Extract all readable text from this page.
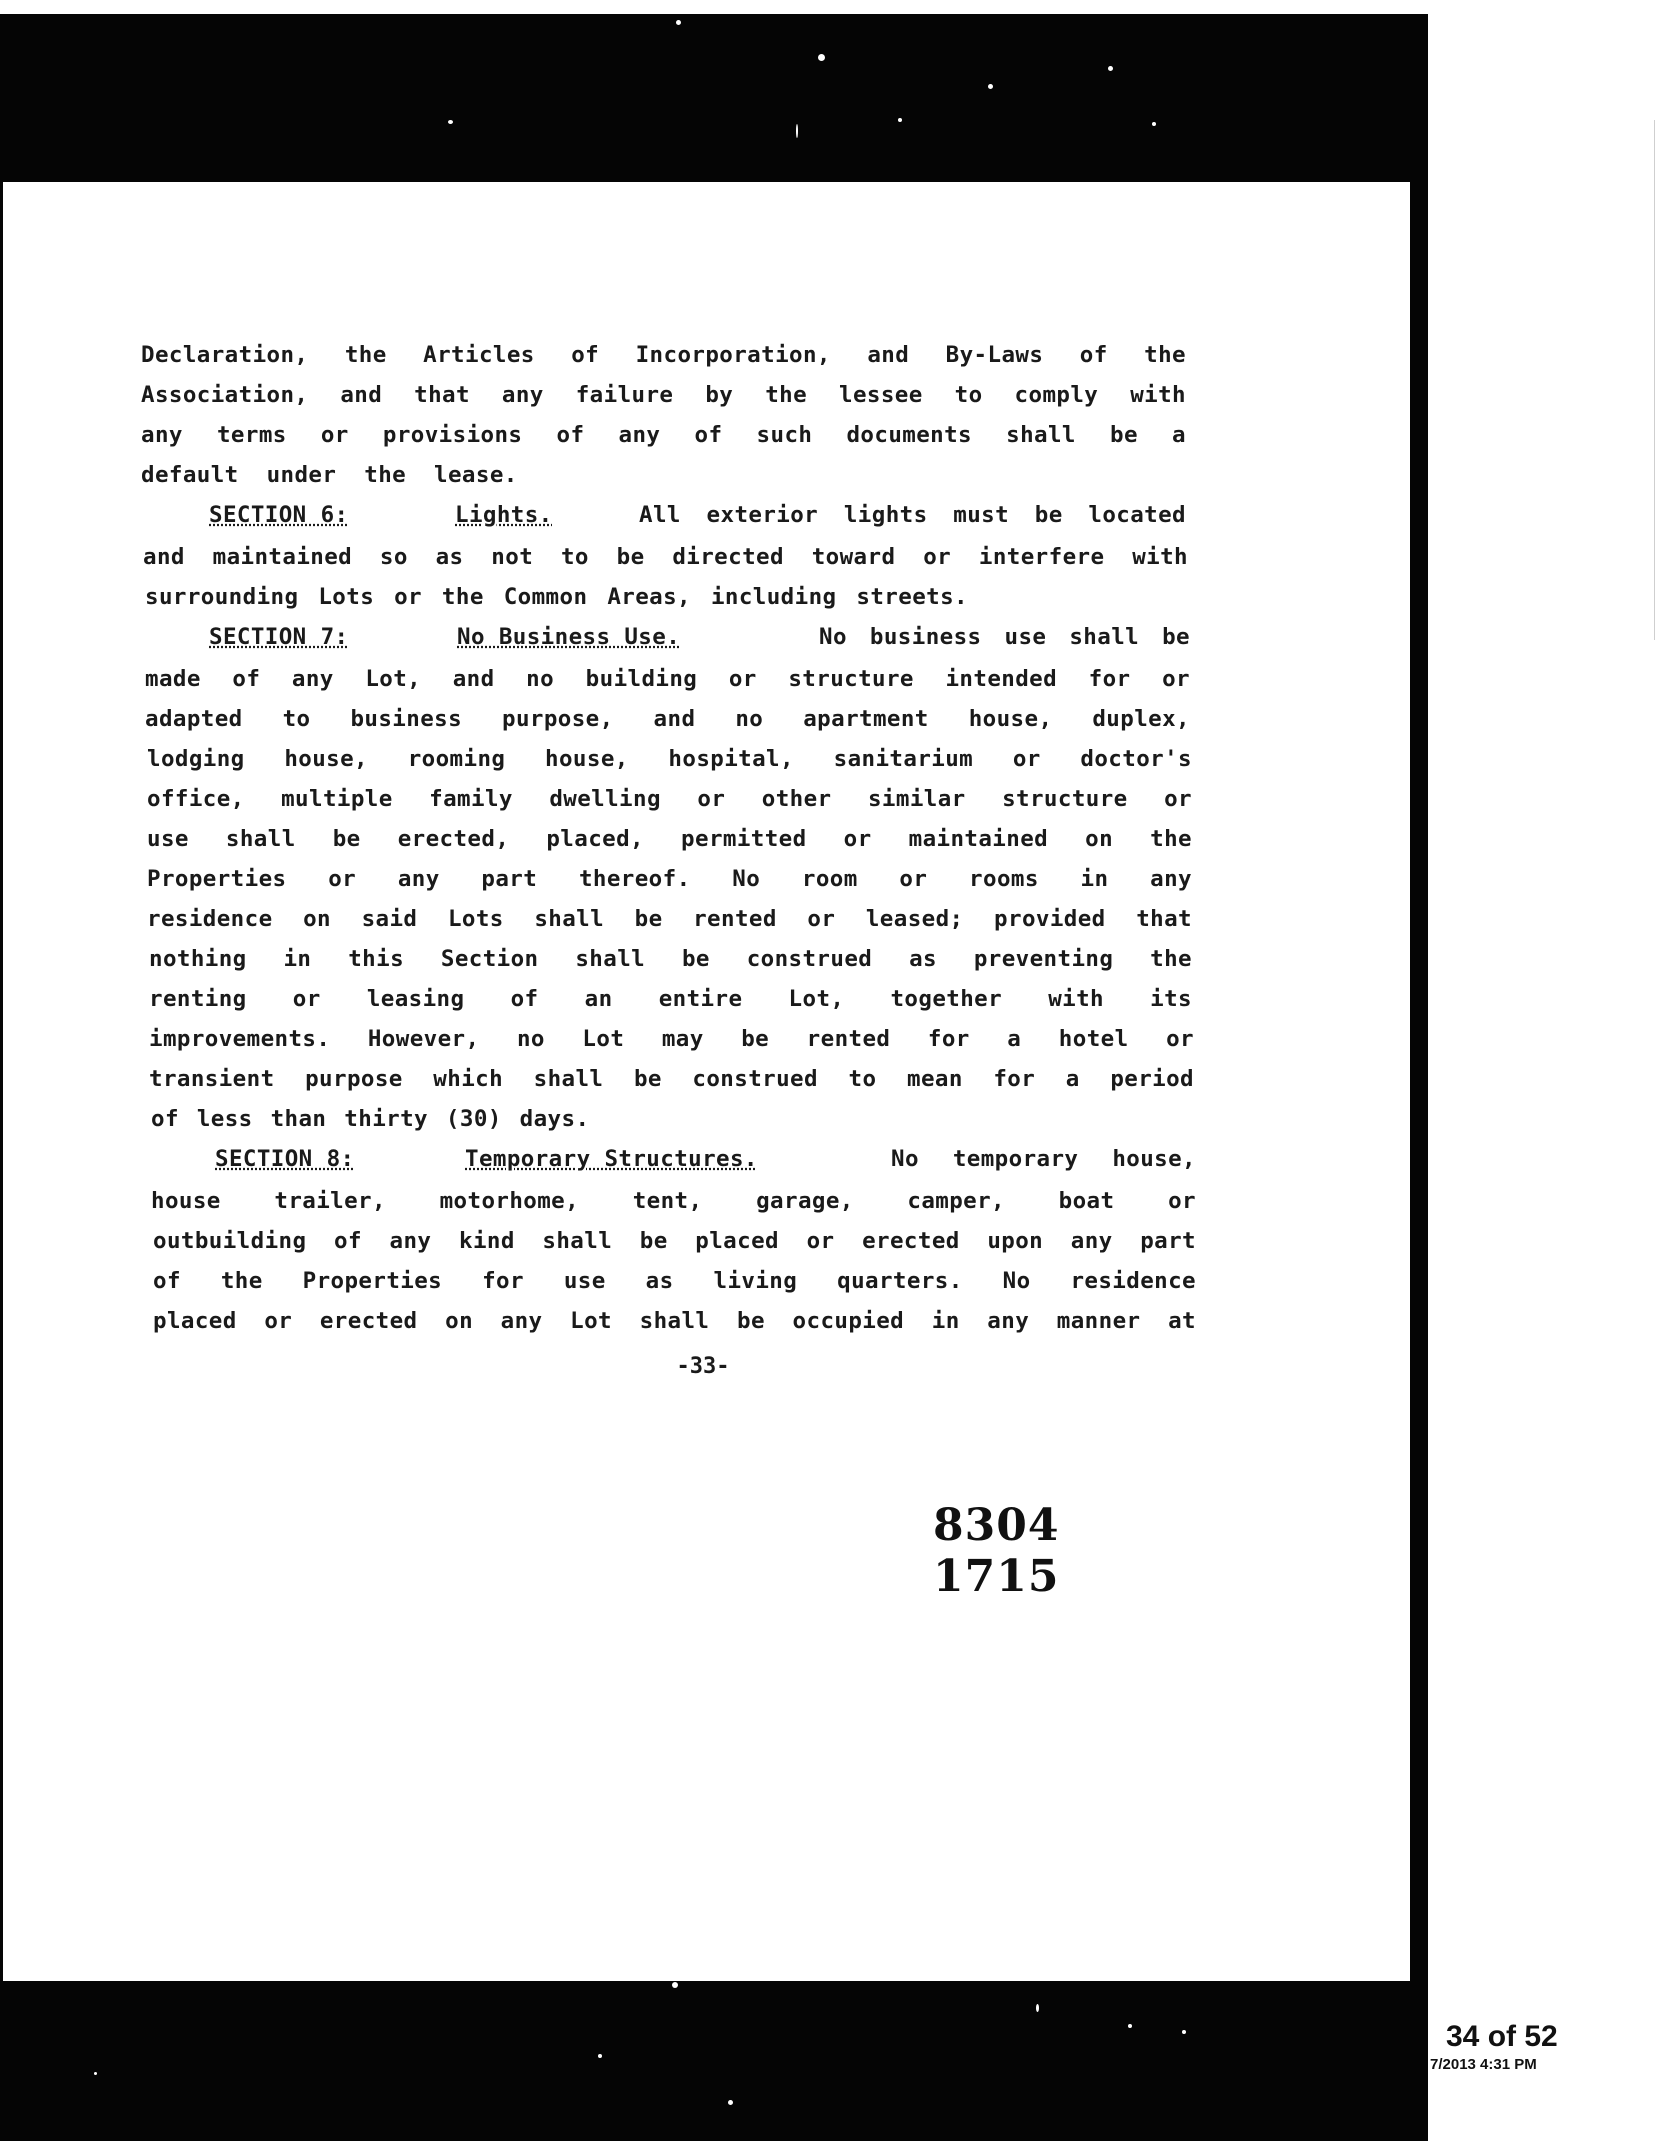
Declaration, the Articles of Incorporation, and By-Laws of the
Association, and that any failure by the lessee to comply with
any terms or provisions of any of such documents shall be a
default under the lease.

SECTION 6:

	Lights.

	All exterior lights must be located

and maintained so as not to be directed toward or interfere with
surrounding Lots or the Common Areas, including streets.

SECTION 7:

	No Business Use.

	No business use shall be

made of any Lot, and no building or structure intended for or
adapted to business purpose, and no apartment house, duplex,
lodging house, rooming house, hospital, sanitarium or doctor's
office, multiple family dwelling or other similar structure or
use shall be erected, placed, permitted or maintained on the
Properties or any part thereof. No room or rooms in any
residence on said Lots shall be rented or leased; provided that
nothing in this Section shall be construed as preventing the
renting or leasing of an entire Lot, together with its
improvements. However, no Lot may be rented for a hotel or
transient purpose which shall be construed to mean for a period
of less than thirty (30) days.

SECTION 8:

	Temporary Structures.

	No temporary house,

house trailer, motorhome, tent, garage, camper, boat or
outbuilding of any kind shall be placed or erected upon any part
of the Properties for use as living quarters. No residence
placed or erected on any Lot shall be occupied in any manner at
-33-
8304 1715
34 of 52
7/2013 4:31 PM
